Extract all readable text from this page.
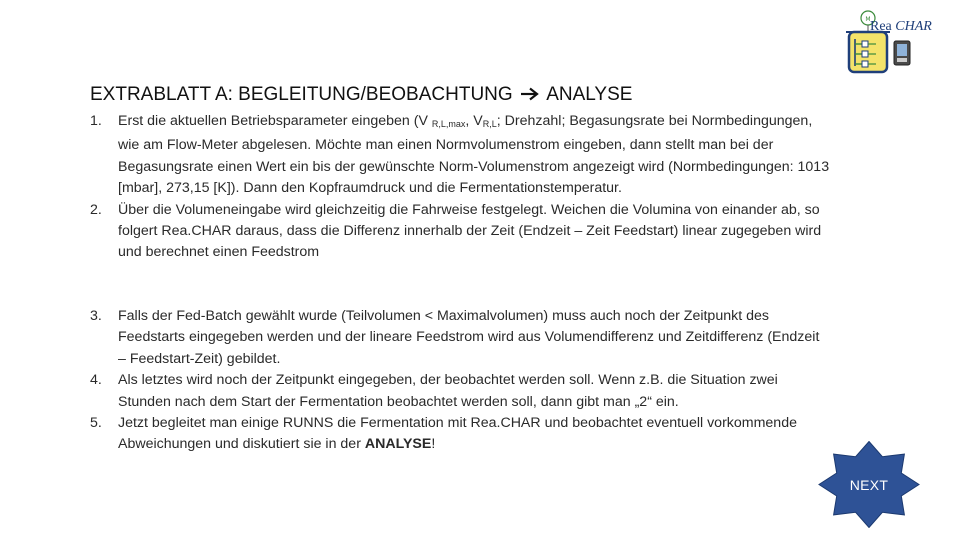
M Rea CHAR
EXTRABLATT A: BEGLEITUNG/BEOBACHTUNG ANALYSE
1. Erst die aktuellen Betriebsparameter eingeben (V $_{R,L,max}$, $V_{R,L}$; Drehzahl; Begasungsrate bei Normbedingungen, wie am Flow-Meter abgelesen. Möchte man einen Normvolumenstrom eingeben, dann stellt man bei der Begasungsrate einen Wert ein bis der gewünschte Norm-Volumenstrom angezeigt wird (Normbedingungen: 1013 [mbar], 273,15 [K]). Dann den Kopfraumdruck und die Fermentationstemperatur.
2. Über die Volumeneingabe wird gleichzeitig die Fahrweise festgelegt. Weichen die Volumina von einander ab, so folgert Rea.CHAR daraus, dass die Differenz innerhalb der Zeit (Endzeit – Zeit Feedstart) linear zugegeben wird und berechnet einen Feedstrom
3. Falls der Fed-Batch gewählt wurde (Teilvolumen < Maximalvolumen) muss auch noch der Zeitpunkt des Feedstarts eingegeben werden und der lineare Feedstrom wird aus Volumendifferenz und Zeitdifferenz (Endzeit – Feedstart-Zeit) gebildet.
4. Als letztes wird noch der Zeitpunkt eingegeben, der beobachtet werden soll. Wenn z.B. die Situation zwei Stunden nach dem Start der Fermentation beobachtet werden soll, dann gibt man „2“ ein.
5. Jetzt begleitet man einige RUNNS die Fermentation mit Rea.CHAR und beobachtet eventuell vorkommende Abweichungen und diskutiert sie in der ANALYSE!
NEXT
